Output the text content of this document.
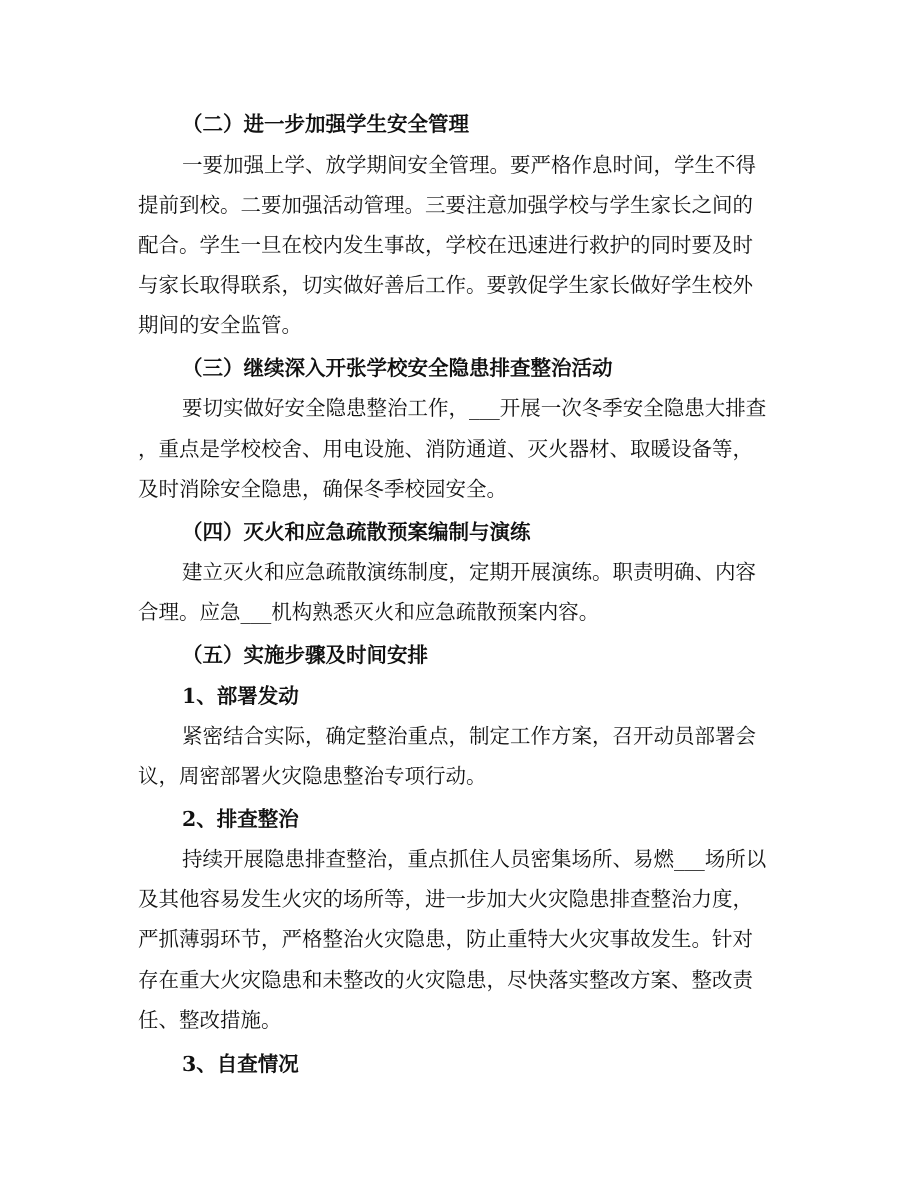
（二）进一步加强学生安全管理
一要加强上学、放学期间安全管理。要严格作息时间，学生不得
提前到校。二要加强活动管理。三要注意加强学校与学生家长之间的
配合。学生一旦在校内发生事故，学校在迅速进行救护的同时要及时
与家长取得联系，切实做好善后工作。要敦促学生家长做好学生校外
期间的安全监管。
（三）继续深入开张学校安全隐患排查整治活动
要切实做好安全隐患整治工作，___开展一次冬季安全隐患大排查
，重点是学校校舍、用电设施、消防通道、灭火器材、取暖设备等，
及时消除安全隐患，确保冬季校园安全。
（四）灭火和应急疏散预案编制与演练
建立灭火和应急疏散演练制度，定期开展演练。职责明确、内容
合理。应急___机构熟悉灭火和应急疏散预案内容。
（五）实施步骤及时间安排
1、部署发动
紧密结合实际，确定整治重点，制定工作方案，召开动员部署会
议，周密部署火灾隐患整治专项行动。
2、排查整治
持续开展隐患排查整治，重点抓住人员密集场所、易燃___场所以
及其他容易发生火灾的场所等，进一步加大火灾隐患排查整治力度，
严抓薄弱环节，严格整治火灾隐患，防止重特大火灾事故发生。针对
存在重大火灾隐患和未整改的火灾隐患，尽快落实整改方案、整改责
任、整改措施。
3、自查情况
